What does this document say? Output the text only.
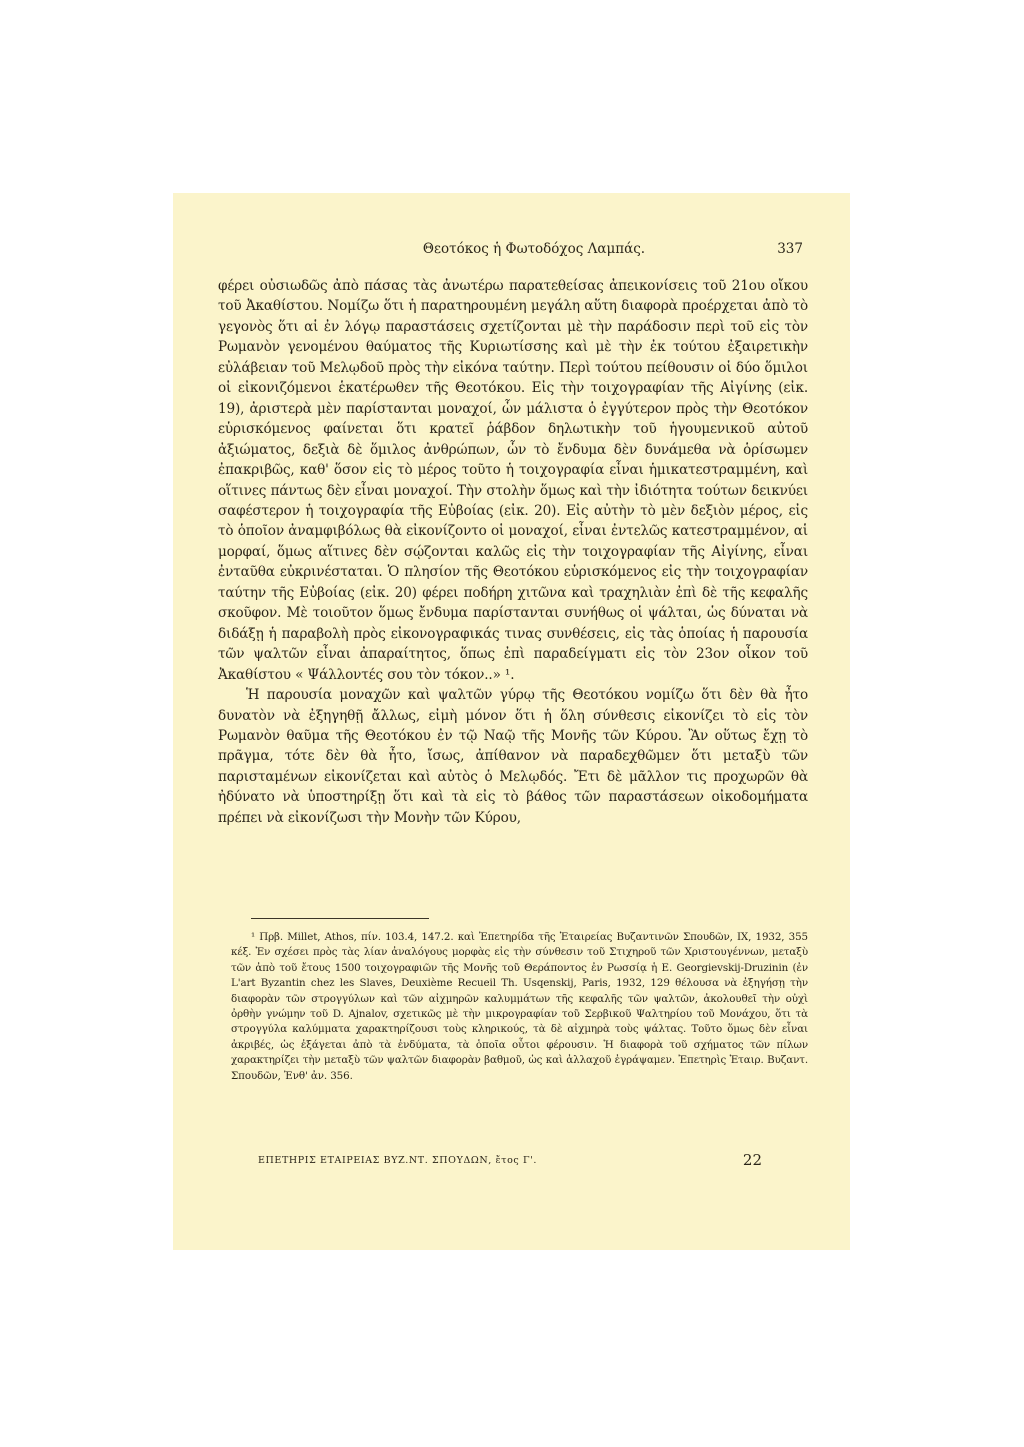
Θεοτόκος ἡ Φωτοδόχος Λαμπάς.	337

φέρει οὐσιωδῶς ἀπὸ πάσας τὰς ἀνωτέρω παρατεθείσας ἀπεικονίσεις τοῦ 21ου οἴκου τοῦ Ἀκαθίστου. Νομίζω ὅτι ἡ παρατηρουμένη μεγάλη αὕτη διαφορὰ προέρχεται ἀπὸ τὸ γεγονὸς ὅτι αἱ ἐν λόγῳ παραστάσεις σχετίζονται μὲ τὴν παράδοσιν περὶ τοῦ εἰς τὸν Ρωμανὸν γενομένου θαύματος τῆς Κυριωτίσσης καὶ μὲ τὴν ἐκ τούτου ἐξαιρετικὴν εὐλάβειαν τοῦ Μελῳδοῦ πρὸς τὴν εἰκόνα ταύτην. Περὶ τούτου πείθουσιν οἱ δύο ὅμιλοι οἱ εἰκονιζόμενοι ἑκατέρωθεν τῆς Θεοτόκου. Εἰς τὴν τοιχογραφίαν τῆς Αἰγίνης (εἰκ. 19), ἀριστερὰ μὲν παρίστανται μοναχοί, ὧν μάλιστα ὁ ἐγγύτερον πρὸς τὴν Θεοτόκον εὑρισκόμενος φαίνεται ὅτι κρατεῖ ῥάβδον δηλωτικὴν τοῦ ἡγουμενικοῦ αὐτοῦ ἀξιώματος, δεξιὰ δὲ ὅμιλος ἀνθρώπων, ὧν τὸ ἔνδυμα δὲν δυνάμεθα νὰ ὁρίσωμεν ἐπακριβῶς, καθ' ὅσον εἰς τὸ μέρος τοῦτο ἡ τοιχογραφία εἶναι ἡμικατεστραμμένη, καὶ οἵτινες πάντως δὲν εἶναι μοναχοί. Τὴν στολὴν ὅμως καὶ τὴν ἰδιότητα τούτων δεικνύει σαφέστερον ἡ τοιχογραφία τῆς Εὐβοίας (εἰκ. 20). Εἰς αὐτὴν τὸ μὲν δεξιὸν μέρος, εἰς τὸ ὁποῖον ἀναμφιβόλως θὰ εἰκονίζοντο οἱ μοναχοί, εἶναι ἐντελῶς κατεστραμμένον, αἱ μορφαί, ὅμως αἵτινες δὲν σῴζονται καλῶς εἰς τὴν τοιχογραφίαν τῆς Αἰγίνης, εἶναι ἐνταῦθα εὐκρινέσταται. Ὁ πλησίον τῆς Θεοτόκου εὑρισκόμενος εἰς τὴν τοιχογραφίαν ταύτην τῆς Εὐβοίας (εἰκ. 20) φέρει ποδήρη χιτῶνα καὶ τραχηλιὰν ἐπὶ δὲ τῆς κεφαλῆς σκοῦφον. Μὲ τοιοῦτον ὅμως ἔνδυμα παρίστανται συνήθως οἱ ψάλται, ὡς δύναται νὰ διδάξῃ ἡ παραβολὴ πρὸς εἰκονογραφικάς τινας συνθέσεις, εἰς τὰς ὁποίας ἡ παρουσία τῶν ψαλτῶν εἶναι ἀπαραίτητος, ὅπως ἐπὶ παραδείγματι εἰς τὸν 23ον οἶκον τοῦ Ἀκαθίστου « Ψάλλοντές σου τὸν τόκον..» ¹.

Ἡ παρουσία μοναχῶν καὶ ψαλτῶν γύρῳ τῆς Θεοτόκου νομίζω ὅτι δὲν θὰ ἦτο δυνατὸν νὰ ἐξηγηθῇ ἄλλως, εἰμὴ μόνον ὅτι ἡ ὅλη σύνθεσις εἰκονίζει τὸ εἰς τὸν Ρωμανὸν θαῦμα τῆς Θεοτόκου ἐν τῷ Ναῷ τῆς Μονῆς τῶν Κύρου. Ἂν οὕτως ἔχῃ τὸ πρᾶγμα, τότε δὲν θὰ ἦτο, ἴσως, ἀπίθανον νὰ παραδεχθῶμεν ὅτι μεταξὺ τῶν παρισταμένων εἰκονίζεται καὶ αὐτὸς ὁ Μελῳδός. Ἔτι δὲ μᾶλλον τις προχωρῶν θὰ ἠδύνατο νὰ ὑποστηρίξῃ ὅτι καὶ τὰ εἰς τὸ βάθος τῶν παραστάσεων οἰκοδομήματα πρέπει νὰ εἰκονίζωσι τὴν Μονὴν τῶν Κύρου,

¹ Πρβ. Millet, Athos, πίν. 103.4, 147.2. καὶ Ἐπετηρίδα τῆς Ἑταιρείας Βυζαντινῶν Σπουδῶν, IX, 1932, 355 κέξ. Ἐν σχέσει πρὸς τὰς λίαν ἀναλόγους μορφὰς εἰς τὴν σύνθεσιν τοῦ Στιχηροῦ τῶν Χριστουγέννων, μεταξὺ τῶν ἀπὸ τοῦ ἔτους 1500 τοιχογραφιῶν τῆς Μονῆς τοῦ Θεράποντος ἐν Ρωσσίᾳ ἡ E. Georgievskij-Druzinin (ἐν L'art Byzantin chez les Slaves, Deuxième Recueil Th. Usqenskij, Paris, 1932, 129 θέλουσα νὰ ἐξηγήσῃ τὴν διαφορὰν τῶν στρογγύλων καὶ τῶν αἰχμηρῶν καλυμμάτων τῆς κεφαλῆς τῶν ψαλτῶν, ἀκολουθεῖ τὴν οὐχὶ ὀρθὴν γνώμην τοῦ D. Ajnalov, σχετικῶς μὲ τὴν μικρογραφίαν τοῦ Σερβικοῦ Ψαλτηρίου τοῦ Μονάχου, ὅτι τὰ στρογγύλα καλύμματα χαρακτηρίζουσι τοὺς κληρικούς, τὰ δὲ αἰχμηρὰ τοὺς ψάλτας. Τοῦτο ὅμως δὲν εἶναι ἀκριβές, ὡς ἐξάγεται ἀπὸ τὰ ἐνδύματα, τὰ ὁποῖα οὗτοι φέρουσιν. Ἡ διαφορὰ τοῦ σχήματος τῶν πίλων χαρακτηρίζει τὴν μεταξὺ τῶν ψαλτῶν διαφορὰν βαθμοῦ, ὡς καὶ ἀλλαχοῦ ἐγράψαμεν. Ἐπετηρὶς Ἑταιρ. Βυζαντ. Σπουδῶν, Ἐνθ' ἀν. 356.

ΕΠΕΤΗΡΙΣ ΕΤΑΙΡΕΙΑΣ ΒΥΖ.ΝΤ. ΣΠΟΥΔΩΝ, ἔτος Γ'.	22
